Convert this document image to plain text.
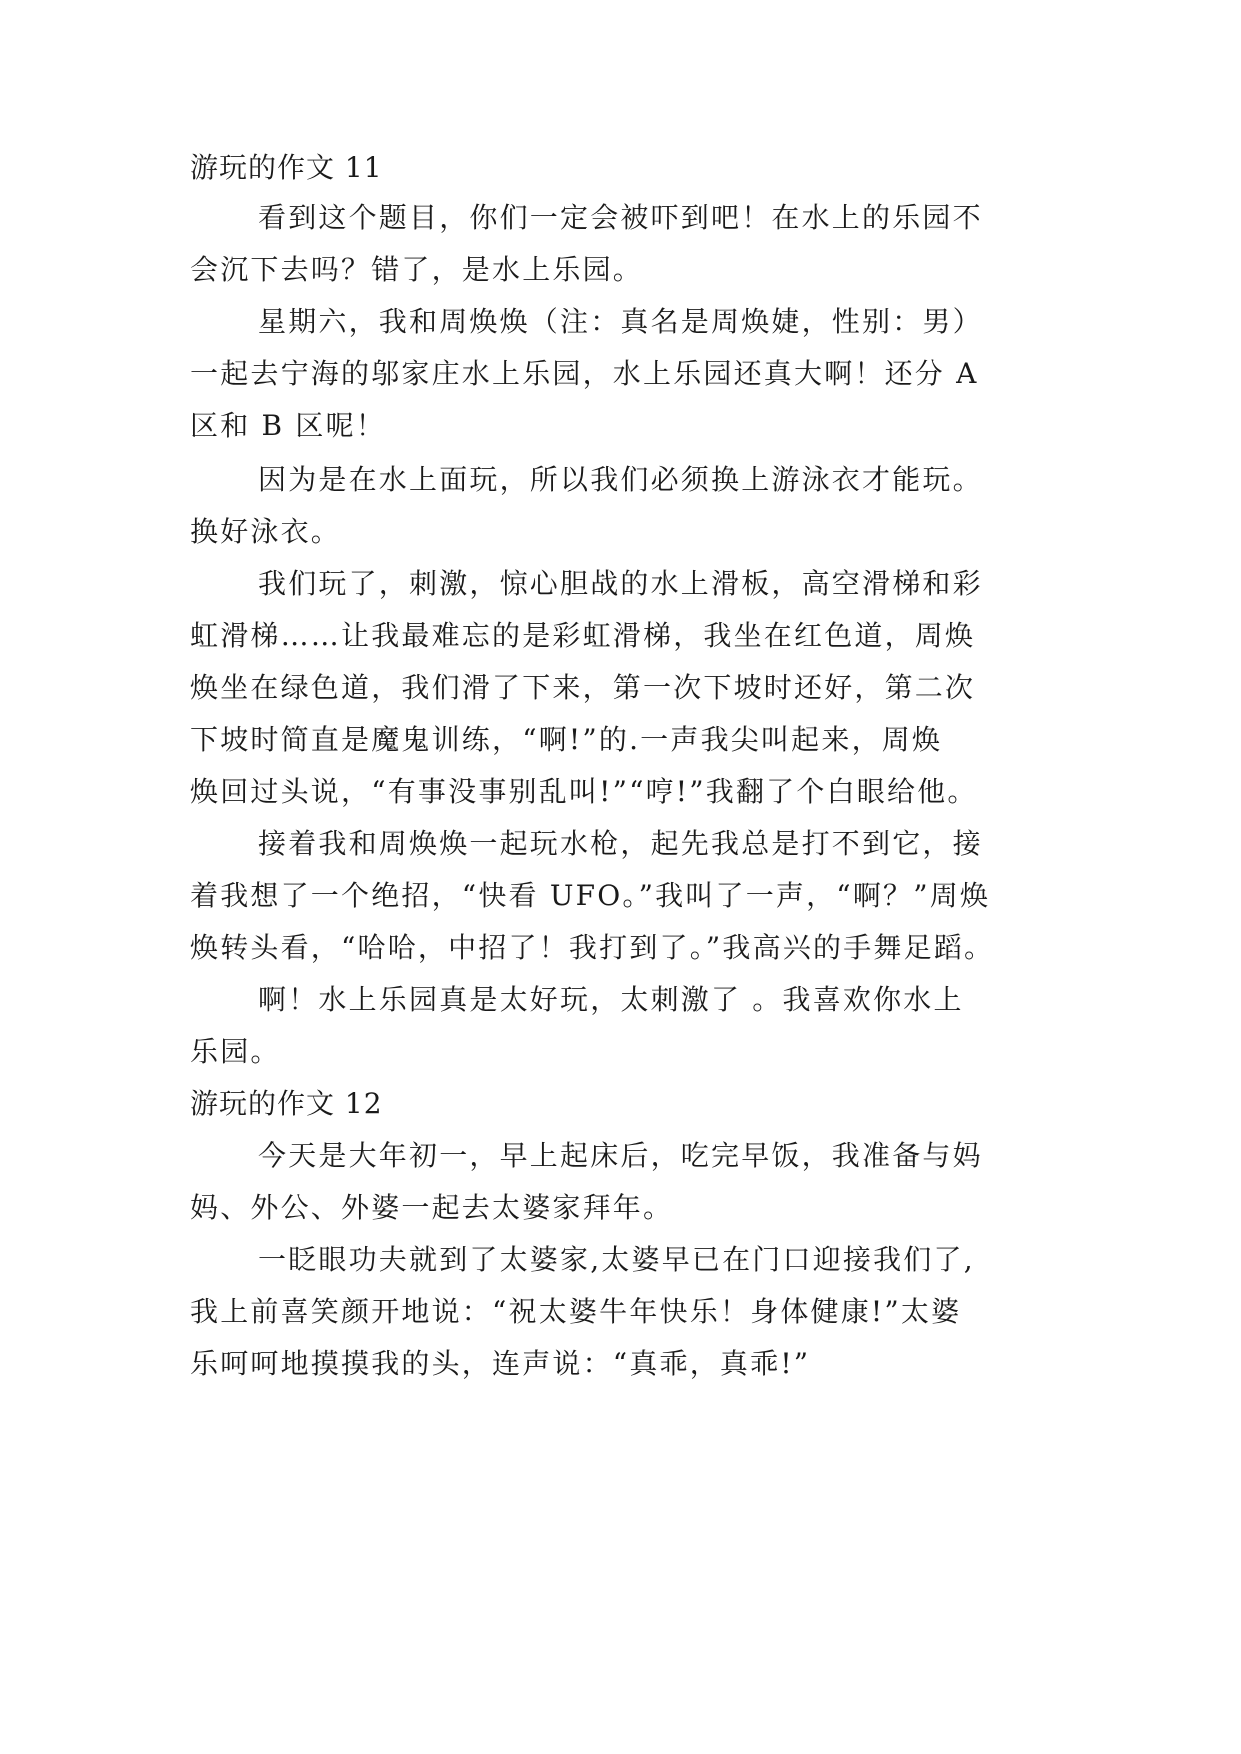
游玩的作文 11
看到这个题目，你们一定会被吓到吧！在水上的乐园不
会沉下去吗？错了，是水上乐园。
星期六，我和周焕焕（注：真名是周焕婕，性别：男）
一起去宁海的邬家庄水上乐园，水上乐园还真大啊！还分 A
区和 B 区呢！
因为是在水上面玩，所以我们必须换上游泳衣才能玩。
换好泳衣。
我们玩了，刺激，惊心胆战的水上滑板，高空滑梯和彩
虹滑梯……让我最难忘的是彩虹滑梯，我坐在红色道，周焕
焕坐在绿色道，我们滑了下来，第一次下坡时还好，第二次
下坡时简直是魔鬼训练，“啊!”的.一声我尖叫起来，周焕
焕回过头说，“有事没事别乱叫!”“哼!”我翻了个白眼给他。
接着我和周焕焕一起玩水枪，起先我总是打不到它，接
着我想了一个绝招，“快看 UFO。”我叫了一声，“啊？”周焕
焕转头看，“哈哈，中招了！我打到了。”我高兴的手舞足蹈。
啊！水上乐园真是太好玩，太刺激了 。我喜欢你水上
乐园。
游玩的作文 12
今天是大年初一，早上起床后，吃完早饭，我准备与妈
妈、外公、外婆一起去太婆家拜年。
一眨眼功夫就到了太婆家,太婆早已在门口迎接我们了,
我上前喜笑颜开地说：“祝太婆牛年快乐！身体健康!”太婆
乐呵呵地摸摸我的头，连声说：“真乖，真乖!”
